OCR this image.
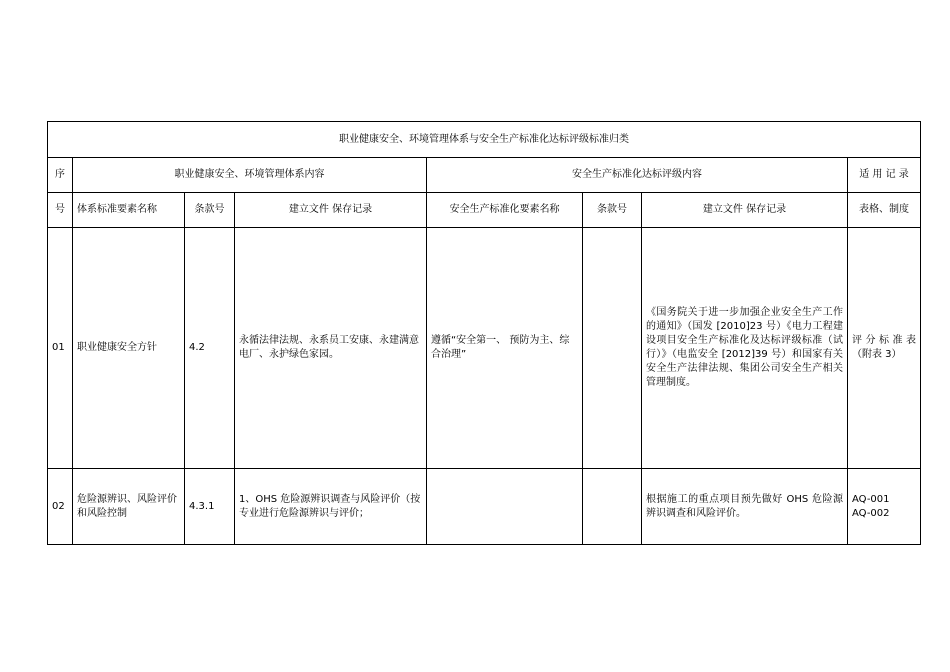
职业健康安全、环境管理体系与安全生产标准化达标评级标准归类							
序	职业健康安全、环境管理体系内容			安全生产标准化达标评级内容			适 用 记 录
号	体系标准要素名称	条款号	建立文件 保存记录	安全生产标准化要素名称	条款号	建立文件 保存记录	表格、制度
01	职业健康安全方针	4.2	永循法律法规、永系员工安康、永建满意电厂、永护绿色家园。	遵循“安全第一、 预防为主、综合治理”		《国务院关于进一步加强企业安全生产工作的通知》（国发 [2010]23 号）《电力工程建设项目安全生产标准化及达标评级标准（试行）》（电监安全 [2012]39 号）和国家有关安全生产法律法规、集团公司安全生产相关管理制度。	评 分 标 准 表（附表 3）
02	危险源辨识、风险评价和风险控制	4.3.1	1、OHS 危险源辨识调查与风险评价（按专业进行危险源辨识与评价；			根据施工的重点项目预先做好 OHS 危险源辨识调查和风险评价。	AQ-001
AQ-002
